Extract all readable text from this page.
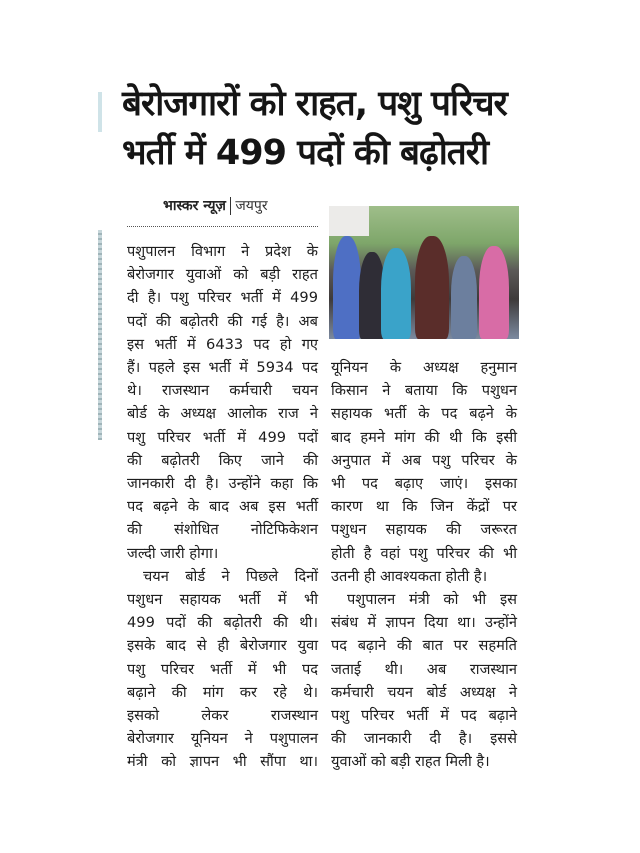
बेरोजगारों को राहत, पशु परिचर
भर्ती में 499 पदों की बढ़ोतरी
भास्कर न्यूज़ जयपुर
पशुपालन विभाग ने प्रदेश के
बेरोजगार युवाओं को बड़ी राहत
दी है। पशु परिचर भर्ती में 499
पदों की बढ़ोतरी की गई है। अब
इस भर्ती में 6433 पद हो गए
हैं। पहले इस भर्ती में 5934 पद
थे। राजस्थान कर्मचारी चयन
बोर्ड के अध्यक्ष आलोक राज ने
पशु परिचर भर्ती में 499 पदों
की बढ़ोतरी किए जाने की
जानकारी दी है। उन्होंने कहा कि
पद बढ़ने के बाद अब इस भर्ती
की संशोधित नोटिफिकेशन
जल्दी जारी होगा।
चयन बोर्ड ने पिछले दिनों
पशुधन सहायक भर्ती में भी
499 पदों की बढ़ोतरी की थी।
इसके बाद से ही बेरोजगार युवा
पशु परिचर भर्ती में भी पद
बढ़ाने की मांग कर रहे थे।
इसको लेकर राजस्थान
बेरोजगार यूनियन ने पशुपालन
मंत्री को ज्ञापन भी सौंपा था।
यूनियन के अध्यक्ष हनुमान
किसान ने बताया कि पशुधन
सहायक भर्ती के पद बढ़ने के
बाद हमने मांग की थी कि इसी
अनुपात में अब पशु परिचर के
भी पद बढ़ाए जाएं। इसका
कारण था कि जिन केंद्रों पर
पशुधन सहायक की जरूरत
होती है वहां पशु परिचर की भी
उतनी ही आवश्यकता होती है।
पशुपालन मंत्री को भी इस
संबंध में ज्ञापन दिया था। उन्होंने
पद बढ़ाने की बात पर सहमति
जताई थी। अब राजस्थान
कर्मचारी चयन बोर्ड अध्यक्ष ने
पशु परिचर भर्ती में पद बढ़ाने
की जानकारी दी है। इससे
युवाओं को बड़ी राहत मिली है।
